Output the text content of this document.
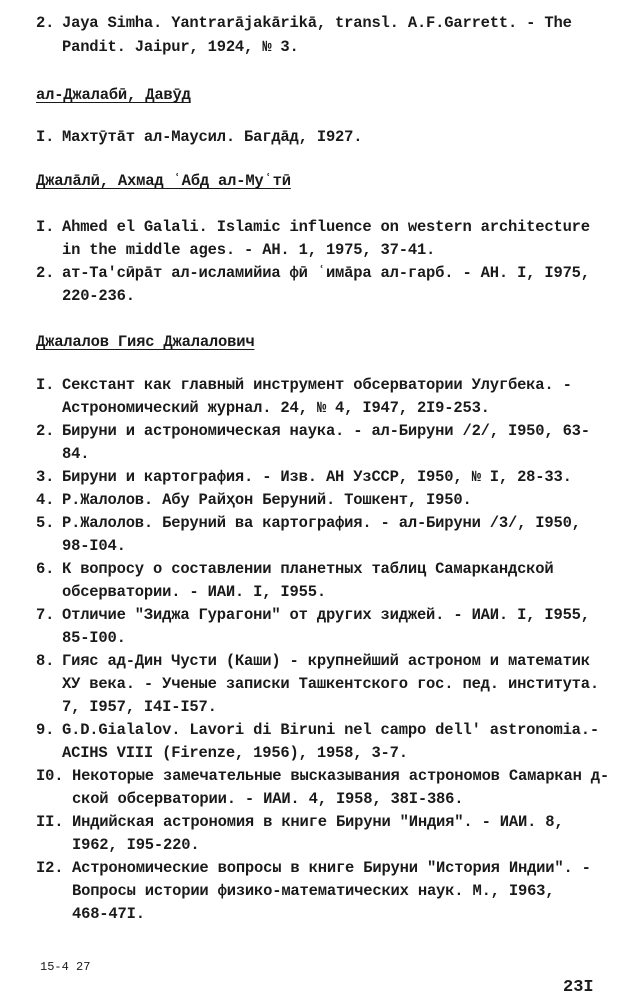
2. Jaya Simha. Yantrarājakārikā, transl. A.F.Garrett. - The
Pandit. Jaipur, 1924, № 3.
ал-Джалабӣ, Давӯд
I. Махтӯтāт ал-Маусил. Багдāд, I927.
Джалāлӣ, Ахмад ʿАбд ал-Муʿтӣ
I. Ahmed el Galali. Islamic influence on western architecture
in the middle ages. - АН. 1, 1975, 37-41.
2. ат-Та'сӣрāт ал-исламийиа фӣ ʿимāра ал-гарб. - АН. I, I975,
220-236.
Джалалов Гияс Джалалович
I. Секстант как главный инструмент обсерватории Улугбека. -
Астрономический журнал. 24, № 4, I947, 2I9-253.
2. Бируни и астрономическая наука. - ал-Бируни /2/, I950, 63-
84.
3. Бируни и картография. - Изв. АН УзССР, I950, № I, 28-33.
4. Р.Жалолов. Абу Райҳон Беруний. Тошкент, I950.
5. Р.Жалолов. Беруний ва картография. - ал-Бируни /3/, I950,
98-I04.
6. К вопросу о составлении планетных таблиц Самаркандской
обсерватории. - ИАИ. I, I955.
7. Отличие "Зиджа Гурагони" от других зиджей. - ИАИ. I, I955,
85-I00.
8. Гияс ад-Дин Чусти (Каши) - крупнейший астроном и математик
ХУ века. - Ученые записки Ташкентского гос. пед. института.
7, I957, I4I-I57.
9. G.D.Gialalov. Lavori di Biruni nel campo dell' astronomia.-
ACIHS VIII (Firenze, 1956), 1958, 3-7.
I0. Некоторые замечательные высказывания астрономов Самаркан д-
ской обсерватории. - ИАИ. 4, I958, 38I-386.
II. Индийская астрономия в книге Бируни "Индия". - ИАИ. 8,
I962, I95-220.
I2. Астрономические вопросы в книге Бируни "История Индии". -
Вопросы истории физико-математических наук. М., I963,
468-47I.
15-4 27
23I
